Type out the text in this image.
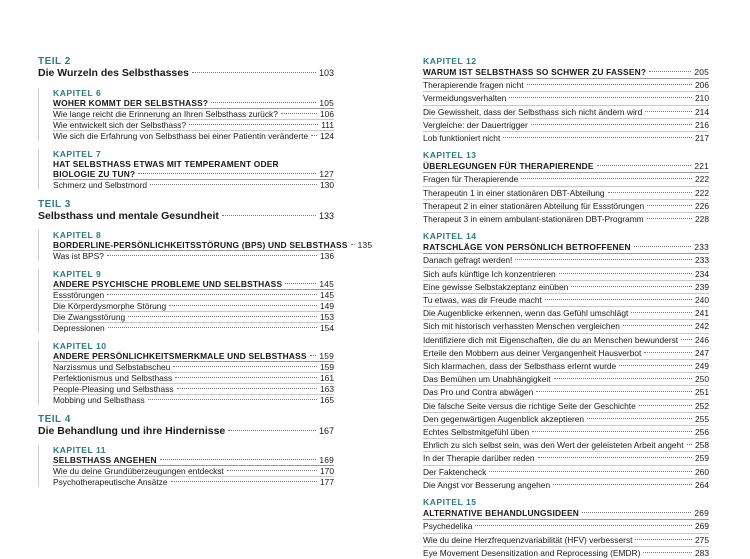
TEIL 2
Die Wurzeln des Selbsthasses	103
KAPITEL 6
WOHER KOMMT DER SELBSTHASS?	105
Wie lange reicht die Erinnerung an Ihren Selbsthass zurück?	106
Wie entwickelt sich der Selbsthass?	111
Wie sich die Erfahrung von Selbsthass bei einer Patientin veränderte 124
KAPITEL 7
HAT SELBSTHASS ETWAS MIT TEMPERAMENT ODER
BIOLOGIE ZU TUN?	127
Schmerz und Selbstmord	130
TEIL 3
Selbsthass und mentale Gesundheit	133
KAPITEL 8
BORDERLINE-PERSÖNLICHKEITSSTÖRUNG (BPS) UND SELBSTHASS 135
Was ist BPS?	136
KAPITEL 9
ANDERE PSYCHISCHE PROBLEME UND SELBSTHASS	145
Essstörungen	145
Die Körperdysmorphe Störung	149
Die Zwangsstörung	153
Depressionen	154
KAPITEL 10
ANDERE PERSÖNLICHKEITSMERKMALE UND SELBSTHASS 159
Narzissmus und Selbstabscheu	159
Perfektionismus und Selbsthass	161
People-Pleasing und Selbsthass	163
Mobbing und Selbsthass	165
TEIL 4
Die Behandlung und ihre Hindernisse	167
KAPITEL 11
SELBSTHASS ANGEHEN	169
Wie du deine Grundüberzeugungen entdeckst	170
Psychotherapeutische Ansätze	177
KAPITEL 12
WARUM IST SELBSTHASS SO SCHWER ZU FASSEN?	205
Therapierende fragen nicht	206
Vermeidungsverhalten	210
Die Gewissheit, dass der Selbsthass sich nicht ändern wird	214
Vergleiche: der Dauertrigger	216
Lob funktioniert nicht	217
KAPITEL 13
ÜBERLEGUNGEN FÜR THERAPIERENDE	221
Fragen für Therapierende	222
Therapeutin 1 in einer stationären DBT-Abteilung	222
Therapeut 2 in einer stationären Abteilung für Essstörungen	226
Therapeut 3 in einem ambulant-stationären DBT-Programm	228
KAPITEL 14
RATSCHLÄGE VON PERSÖNLICH BETROFFENEN	233
Danach gefragt werden!	233
Sich aufs künftige Ich konzentrieren	234
Eine gewisse Selbstakzeptanz einüben	239
Tu etwas, was dir Freude macht	240
Die Augenblicke erkennen, wenn das Gefühl umschlägt	241
Sich mit historisch verhassten Menschen vergleichen	242
Identifiziere dich mit Eigenschaften, die du an Menschen bewunderst 246
Erteile den Mobbern aus deiner Vergangenheit Hausverbot	247
Sich klarmachen, dass der Selbsthass erlernt wurde	249
Das Bemühen um Unabhängigkeit	250
Das Pro und Contra abwägen	251
Die falsche Seite versus die richtige Seite der Geschichte	252
Den gegenwärtigen Augenblick akzeptieren	255
Echtes Selbstmitgefühl üben	256
Ehrlich zu sich selbst sein, was den Wert der geleisteten Arbeit angeht 258
In der Therapie darüber reden	259
Der Faktencheck	260
Die Angst vor Besserung angehen	264
KAPITEL 15
ALTERNATIVE BEHANDLUNGSIDEEN	269
Psychedelika	269
Wie du deine Herzfrequenzvariabilität (HFV) verbesserst	275
Eye Movement Desensitization and Reprocessing (EMDR)	283
